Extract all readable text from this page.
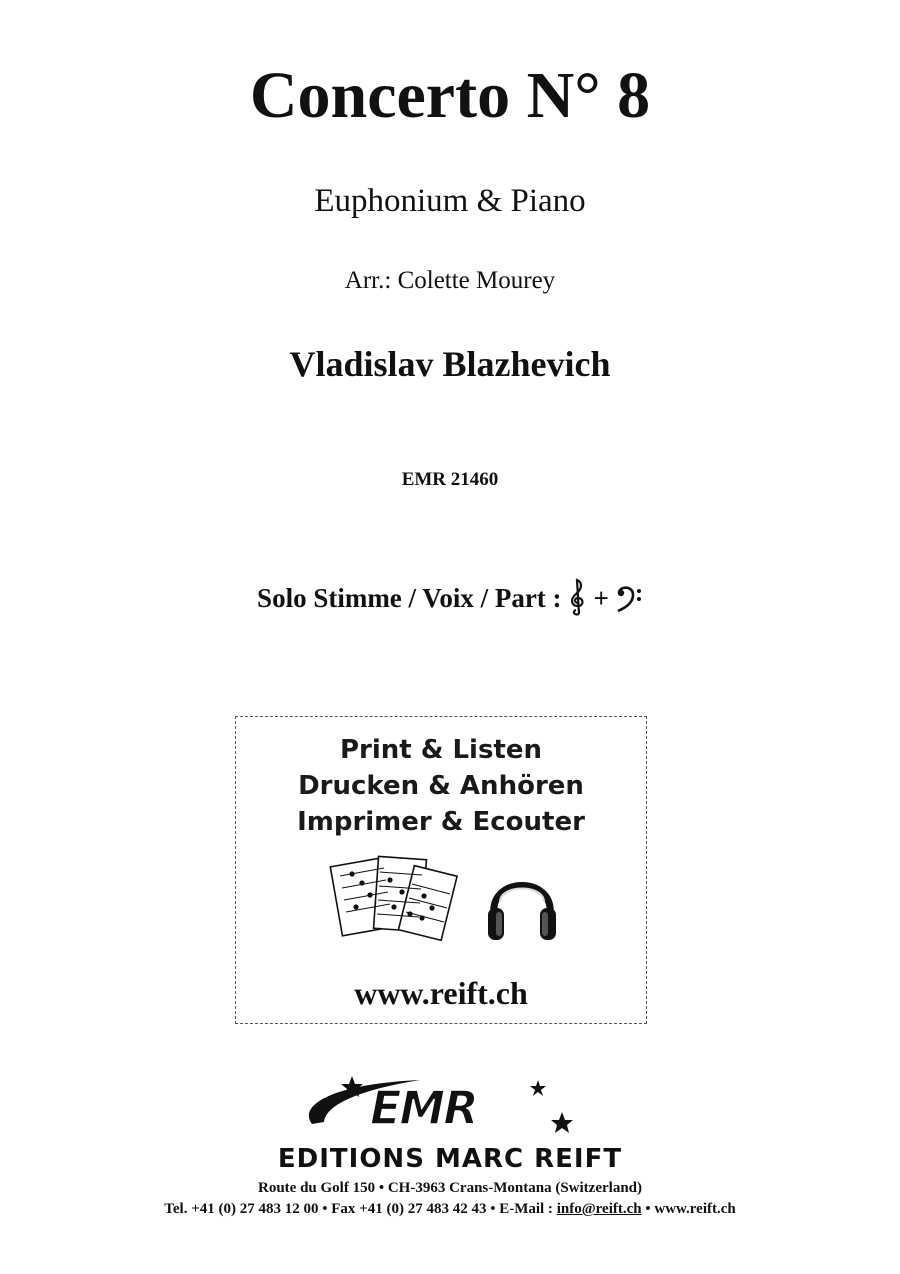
Concerto N° 8
Euphonium & Piano
Arr.: Colette Mourey
Vladislav Blazhevich
EMR 21460
Solo Stimme / Voix / Part : +
Print & Listen
Drucken & Anhören
Imprimer & Ecouter
www.reift.ch
EMR
EDITIONS MARC REIFT
Route du Golf 150 • CH-3963 Crans-Montana (Switzerland)
Tel. +41 (0) 27 483 12 00 • Fax +41 (0) 27 483 42 43 • E-Mail : info@reift.ch • www.reift.ch
